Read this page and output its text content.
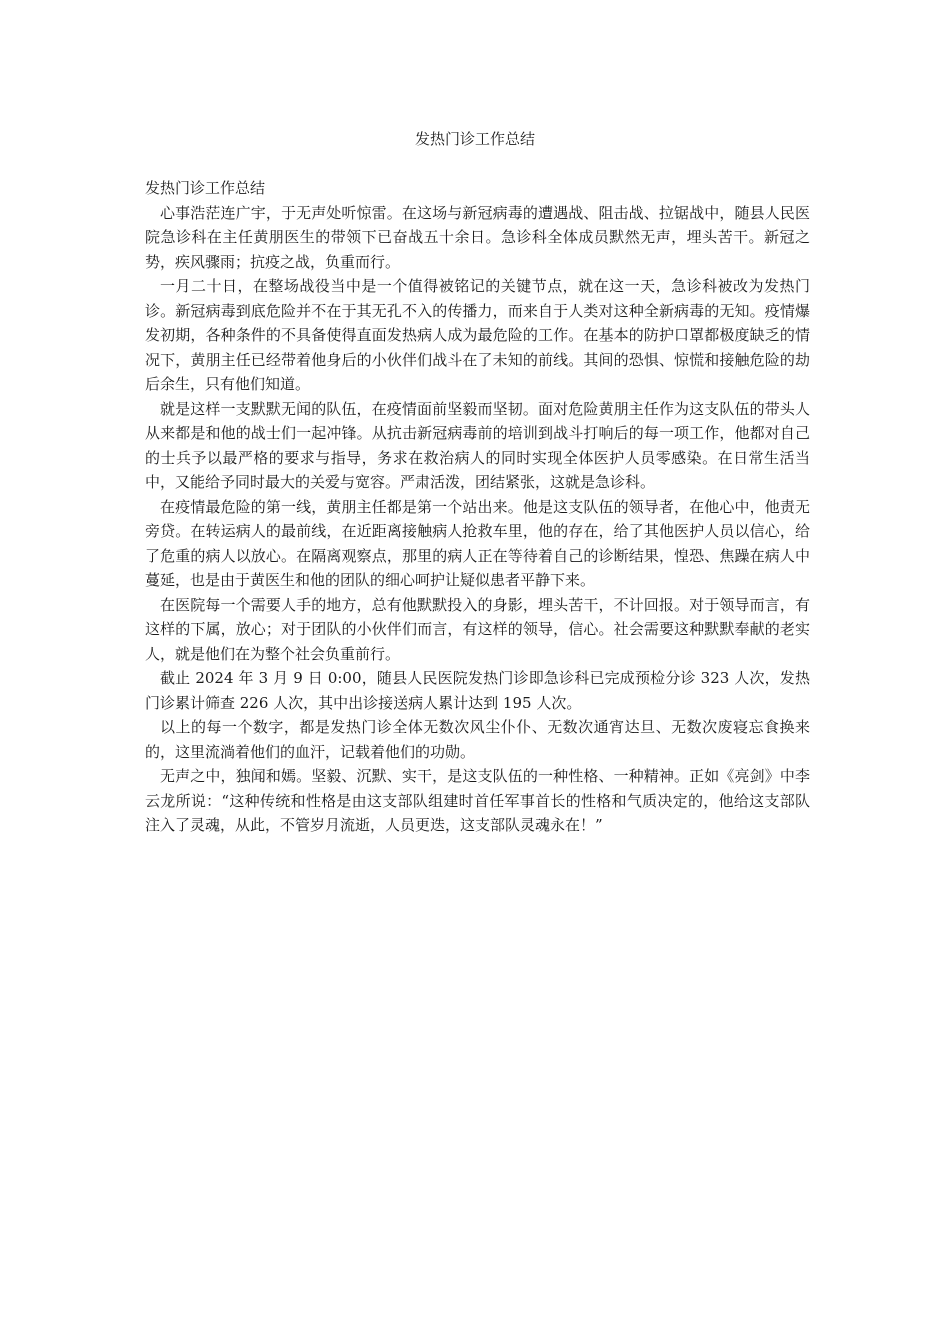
发热门诊工作总结

发热门诊工作总结

心事浩茫连广宇，于无声处听惊雷。在这场与新冠病毒的遭遇战、阻击战、拉锯战中，随县人民医院急诊科在主任黄朋医生的带领下已奋战五十余日。急诊科全体成员默然无声，埋头苦干。新冠之势，疾风骤雨；抗疫之战，负重而行。

一月二十日，在整场战役当中是一个值得被铭记的关键节点，就在这一天，急诊科被改为发热门诊。新冠病毒到底危险并不在于其无孔不入的传播力，而来自于人类对这种全新病毒的无知。疫情爆发初期，各种条件的不具备使得直面发热病人成为最危险的工作。在基本的防护口罩都极度缺乏的情况下，黄朋主任已经带着他身后的小伙伴们战斗在了未知的前线。其间的恐惧、惊慌和接触危险的劫后余生，只有他们知道。

就是这样一支默默无闻的队伍，在疫情面前坚毅而坚韧。面对危险黄朋主任作为这支队伍的带头人从来都是和他的战士们一起冲锋。从抗击新冠病毒前的培训到战斗打响后的每一项工作，他都对自己的士兵予以最严格的要求与指导，务求在救治病人的同时实现全体医护人员零感染。在日常生活当中，又能给予同时最大的关爱与宽容。严肃活泼，团结紧张，这就是急诊科。

在疫情最危险的第一线，黄朋主任都是第一个站出来。他是这支队伍的领导者，在他心中，他责无旁贷。在转运病人的最前线，在近距离接触病人抢救车里，他的存在，给了其他医护人员以信心，给了危重的病人以放心。在隔离观察点，那里的病人正在等待着自己的诊断结果，惶恐、焦躁在病人中蔓延，也是由于黄医生和他的团队的细心呵护让疑似患者平静下来。

在医院每一个需要人手的地方，总有他默默投入的身影，埋头苦干，不计回报。对于领导而言，有这样的下属，放心；对于团队的小伙伴们而言，有这样的领导，信心。社会需要这种默默奉献的老实人，就是他们在为整个社会负重前行。

截止 2024 年 3 月 9 日 0:00，随县人民医院发热门诊即急诊科已完成预检分诊 323 人次，发热门诊累计筛查 226 人次，其中出诊接送病人累计达到 195 人次。

以上的每一个数字，都是发热门诊全体无数次风尘仆仆、无数次通宵达旦、无数次废寝忘食换来的，这里流淌着他们的血汗，记载着他们的功勋。

无声之中，独闻和嫣。坚毅、沉默、实干，是这支队伍的一种性格、一种精神。正如《亮剑》中李云龙所说：“这种传统和性格是由这支部队组建时首任军事首长的性格和气质决定的，他给这支部队注入了灵魂，从此，不管岁月流逝，人员更迭，这支部队灵魂永在！”
